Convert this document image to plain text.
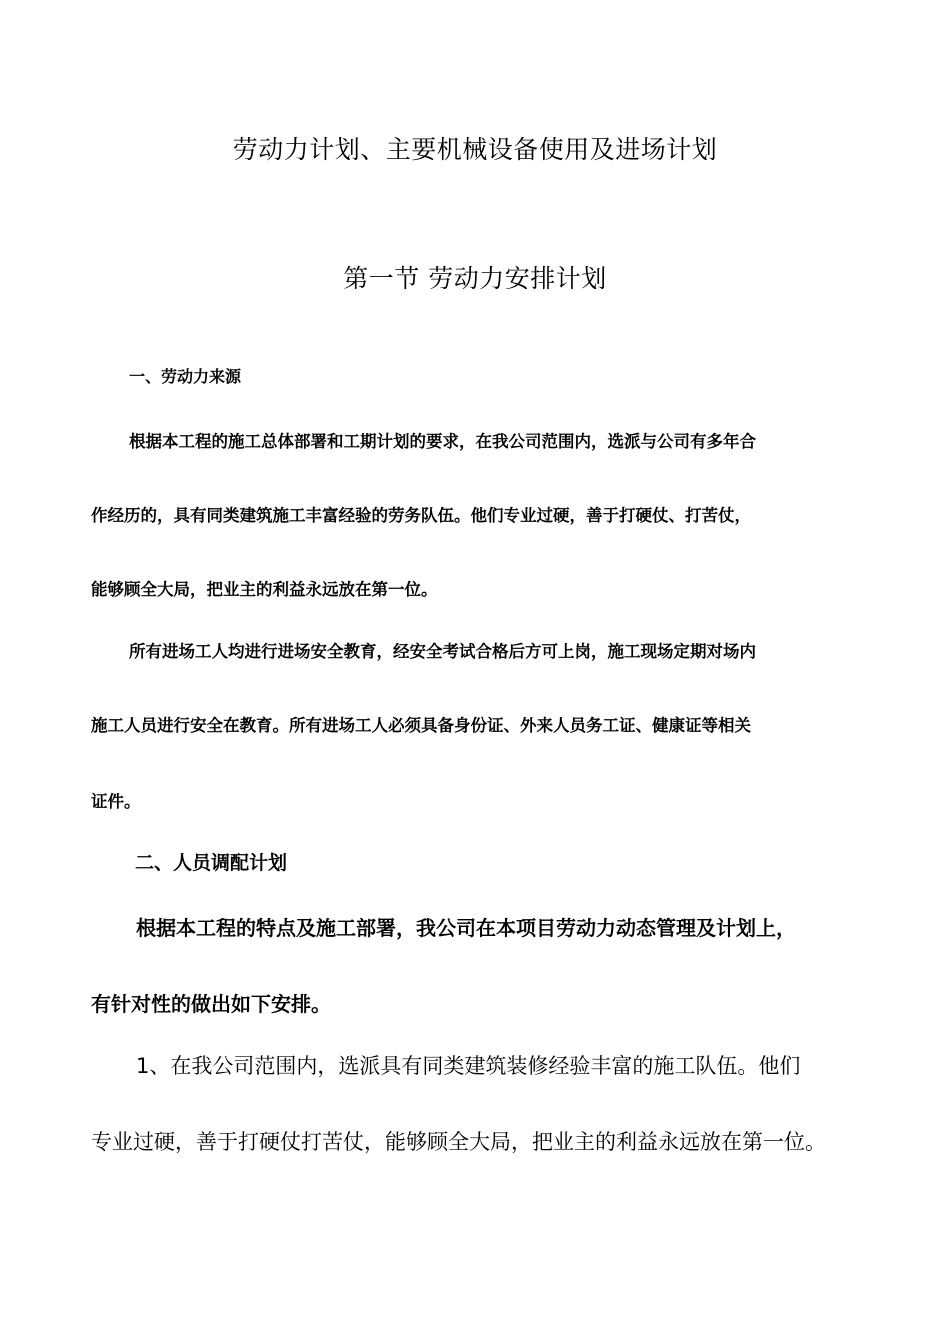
劳动力计划、主要机械设备使用及进场计划
第一节 劳动力安排计划
一、劳动力来源
根据本工程的施工总体部署和工期计划的要求，在我公司范围内，选派与公司有多年合
作经历的，具有同类建筑施工丰富经验的劳务队伍。他们专业过硬，善于打硬仗、打苦仗，
能够顾全大局，把业主的利益永远放在第一位。
所有进场工人均进行进场安全教育，经安全考试合格后方可上岗，施工现场定期对场内
施工人员进行安全在教育。所有进场工人必须具备身份证、外来人员务工证、健康证等相关
证件。
二、人员调配计划
根据本工程的特点及施工部署，我公司在本项目劳动力动态管理及计划上，
有针对性的做出如下安排。
1、在我公司范围内，选派具有同类建筑装修经验丰富的施工队伍。他们
专业过硬，善于打硬仗打苦仗，能够顾全大局，把业主的利益永远放在第一位。
